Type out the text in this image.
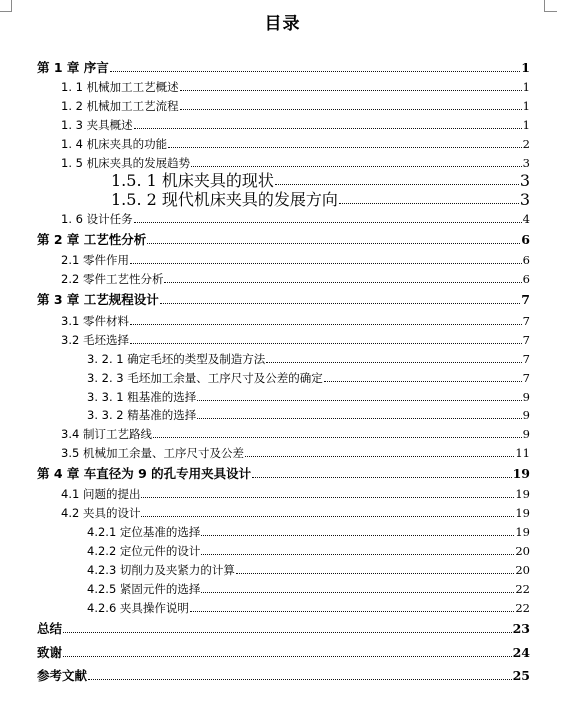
目录
第 1 章 序言	1
1. 1 机械加工工艺概述	1
1. 2 机械加工工艺流程	1
1. 3 夹具概述	1
1. 4 机床夹具的功能	2
1. 5 机床夹具的发展趋势	3
1.5. 1 机床夹具的现状	3
1.5. 2 现代机床夹具的发展方向	3
1. 6 设计任务	4
第 2 章 工艺性分析	6
2.1 零件作用	6
2.2 零件工艺性分析	6
第 3 章 工艺规程设计	7
3.1 零件材料	7
3.2 毛坯选择	7
3. 2. 1 确定毛坯的类型及制造方法	7
3. 2. 3 毛坯加工余量、工序尺寸及公差的确定	7
3. 3. 1 粗基准的选择	9
3. 3. 2 精基准的选择	9
3.4 制订工艺路线	9
3.5 机械加工余量、工序尺寸及公差	11
第 4 章 车直径为 9 的孔专用夹具设计	19
4.1 问题的提出	19
4.2 夹具的设计	19
4.2.1 定位基准的选择	19
4.2.2 定位元件的设计	20
4.2.3 切削力及夹紧力的计算	20
4.2.5 紧固元件的选择	22
4.2.6 夹具操作说明	22
总结	23
致谢	24
参考文献	25
